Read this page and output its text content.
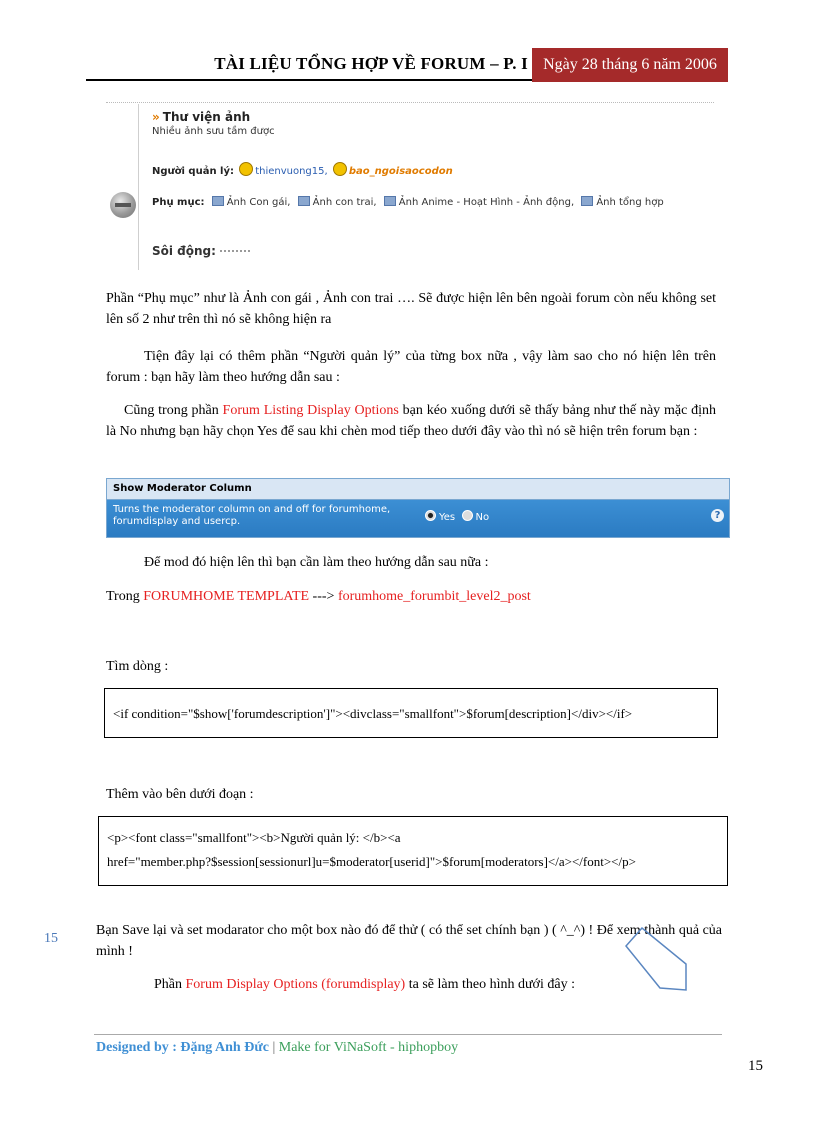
TÀI LIỆU TỔNG HỢP VỀ FORUM – P. I Ngày 28 tháng 6 năm 2006
» Thư viện ảnh
Nhiều ảnh sưu tầm được
Người quản lý: thienvuong15, bao_ngoisaocodon
Phụ mục: Ảnh Con gái, Ảnh con trai, Ảnh Anime - Hoạt Hình - Ảnh động, Ảnh tổng hợp
Sôi động:
Phần “Phụ mục” như là Ảnh con gái , Ảnh con trai …. Sẽ được hiện lên bên ngoài forum còn nếu không set lên số 2 như trên thì nó sẽ không hiện ra
Tiện đây lại có thêm phần “Người quản lý” của từng box nữa , vậy làm sao cho nó hiện lên trên forum : bạn hãy làm theo hướng dẫn sau :
Cũng trong phần Forum Listing Display Options bạn kéo xuống dưới sẽ thấy bảng như thế này mặc định là No nhưng bạn hãy chọn Yes để sau khi chèn mod tiếp theo dưới đây vào thì nó sẽ hiện trên forum bạn :
Show Moderator Column
Turns the moderator column on and off for forumhome,
forumdisplay and usercp.	Yes No	?
Để mod đó hiện lên thì bạn cần làm theo hướng dẫn sau nữa :
Trong FORUMHOME TEMPLATE ---> forumhome_forumbit_level2_post
Tìm dòng :
<if condition="$show['forumdescription']"><divclass="smallfont">$forum[description]</div></if>
Thêm vào bên dưới đoạn :
<p><font class="smallfont"><b>Người quản lý: </b><a
href="member.php?$session[sessionurl]u=$moderator[userid]">$forum[moderators]</a></font></p>
15
Bạn Save lại và set modarator cho một box nào đó để thử ( có thể set chính bạn ) ( ^_^) ! Để xem thành quả của mình !
Phần Forum Display Options (forumdisplay) ta sẽ làm theo hình dưới đây :
Designed by : Đặng Anh Đức | Make for ViNaSoft - hiphopboy
15
